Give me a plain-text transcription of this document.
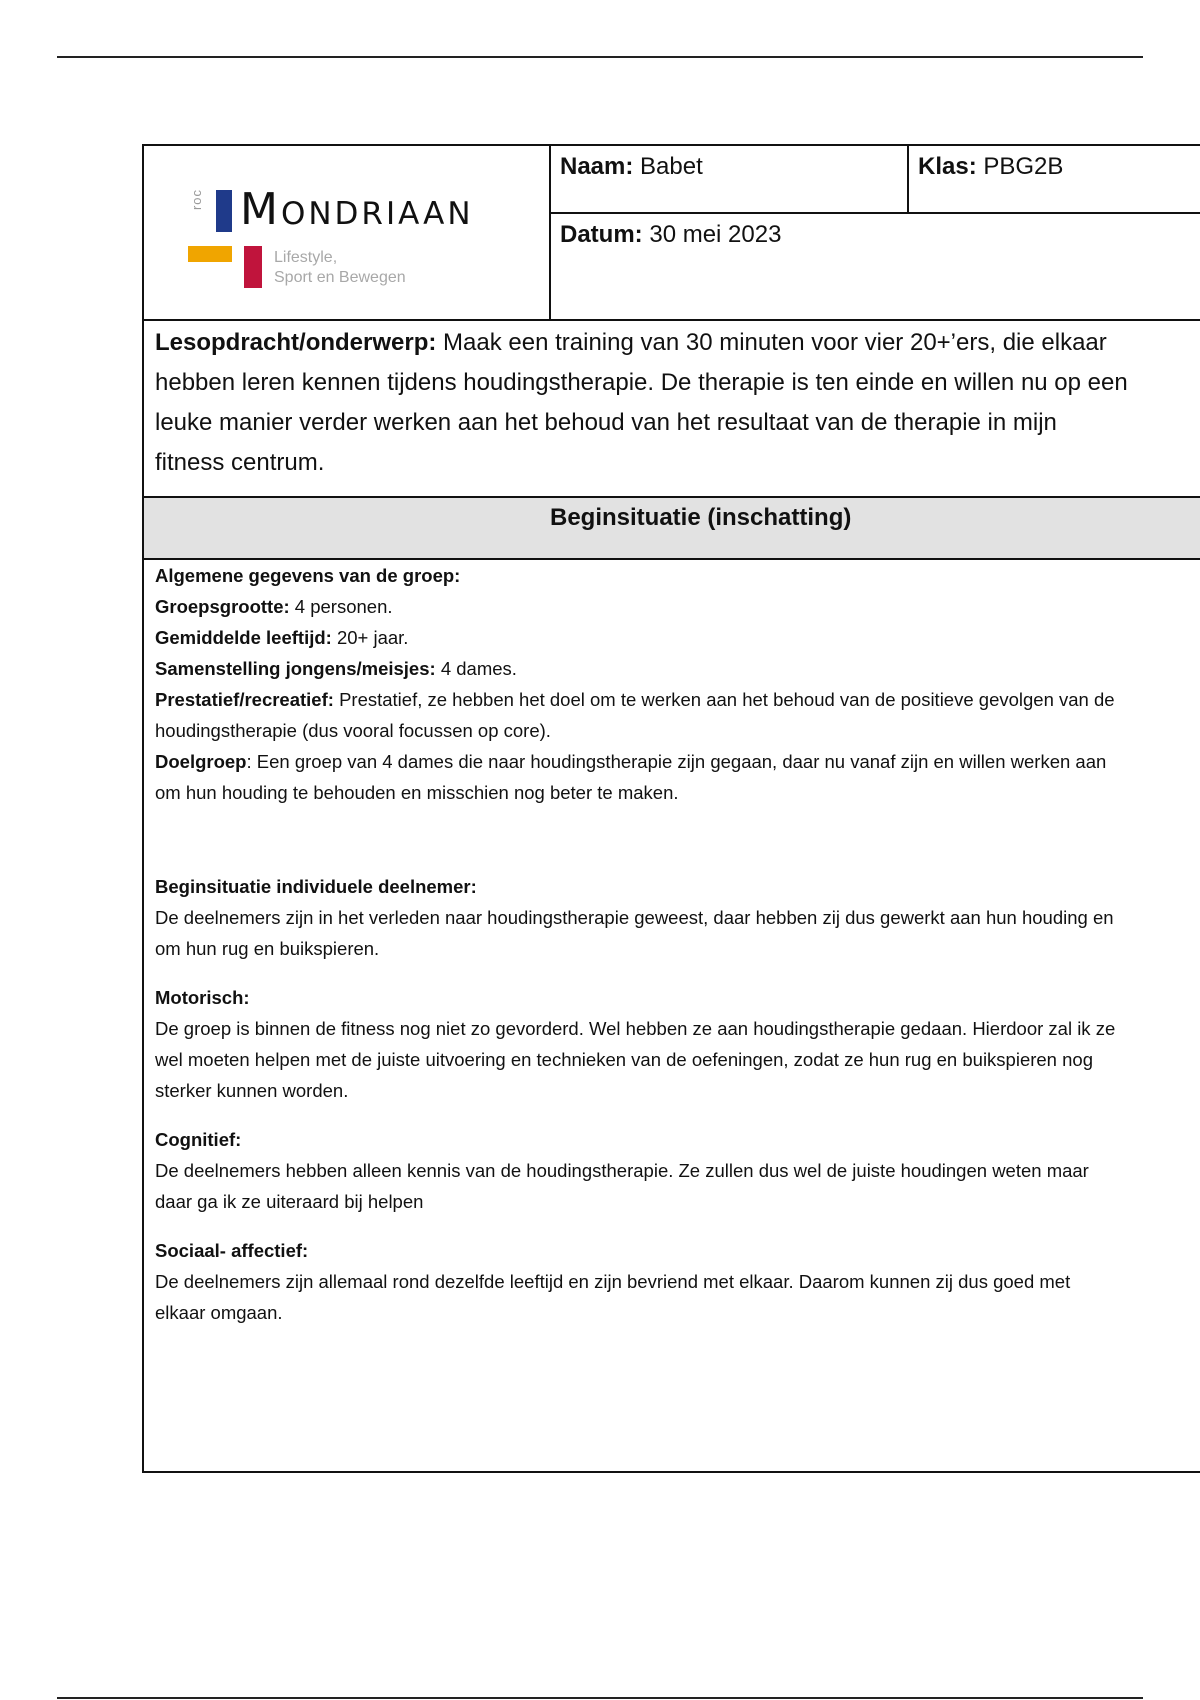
roc Mondriaan
Lifestyle,
Sport en Bewegen
Naam: Babet	Klas: PBG2B
Datum: 30 mei 2023
Lesopdracht/onderwerp: Maak een training van 30 minuten voor vier 20+’ers, die elkaar
hebben leren kennen tijdens houdingstherapie. De therapie is ten einde en willen nu op een
leuke manier verder werken aan het behoud van het resultaat van de therapie in mijn
fitness centrum.
Beginsituatie (inschatting)

Algemene gegevens van de groep:

Groepsgrootte: 4 personen.

Gemiddelde leeftijd: 20+ jaar.

Samenstelling jongens/meisjes: 4 dames.

Prestatief/recreatief: Prestatief, ze hebben het doel om te werken aan het behoud van de positieve gevolgen van de

houdingstherapie (dus vooral focussen op core).

Doelgroep: Een groep van 4 dames die naar houdingstherapie zijn gegaan, daar nu vanaf zijn en willen werken aan

om hun houding te behouden en misschien nog beter te maken.

Beginsituatie individuele deelnemer:

De deelnemers zijn in het verleden naar houdingstherapie geweest, daar hebben zij dus gewerkt aan hun houding en

om hun rug en buikspieren.

Motorisch:

De groep is binnen de fitness nog niet zo gevorderd. Wel hebben ze aan houdingstherapie gedaan. Hierdoor zal ik ze

wel moeten helpen met de juiste uitvoering en technieken van de oefeningen, zodat ze hun rug en buikspieren nog

sterker kunnen worden.

Cognitief:

De deelnemers hebben alleen kennis van de houdingstherapie. Ze zullen dus wel de juiste houdingen weten maar

daar ga ik ze uiteraard bij helpen

Sociaal- affectief:

De deelnemers zijn allemaal rond dezelfde leeftijd en zijn bevriend met elkaar. Daarom kunnen zij dus goed met

elkaar omgaan.
